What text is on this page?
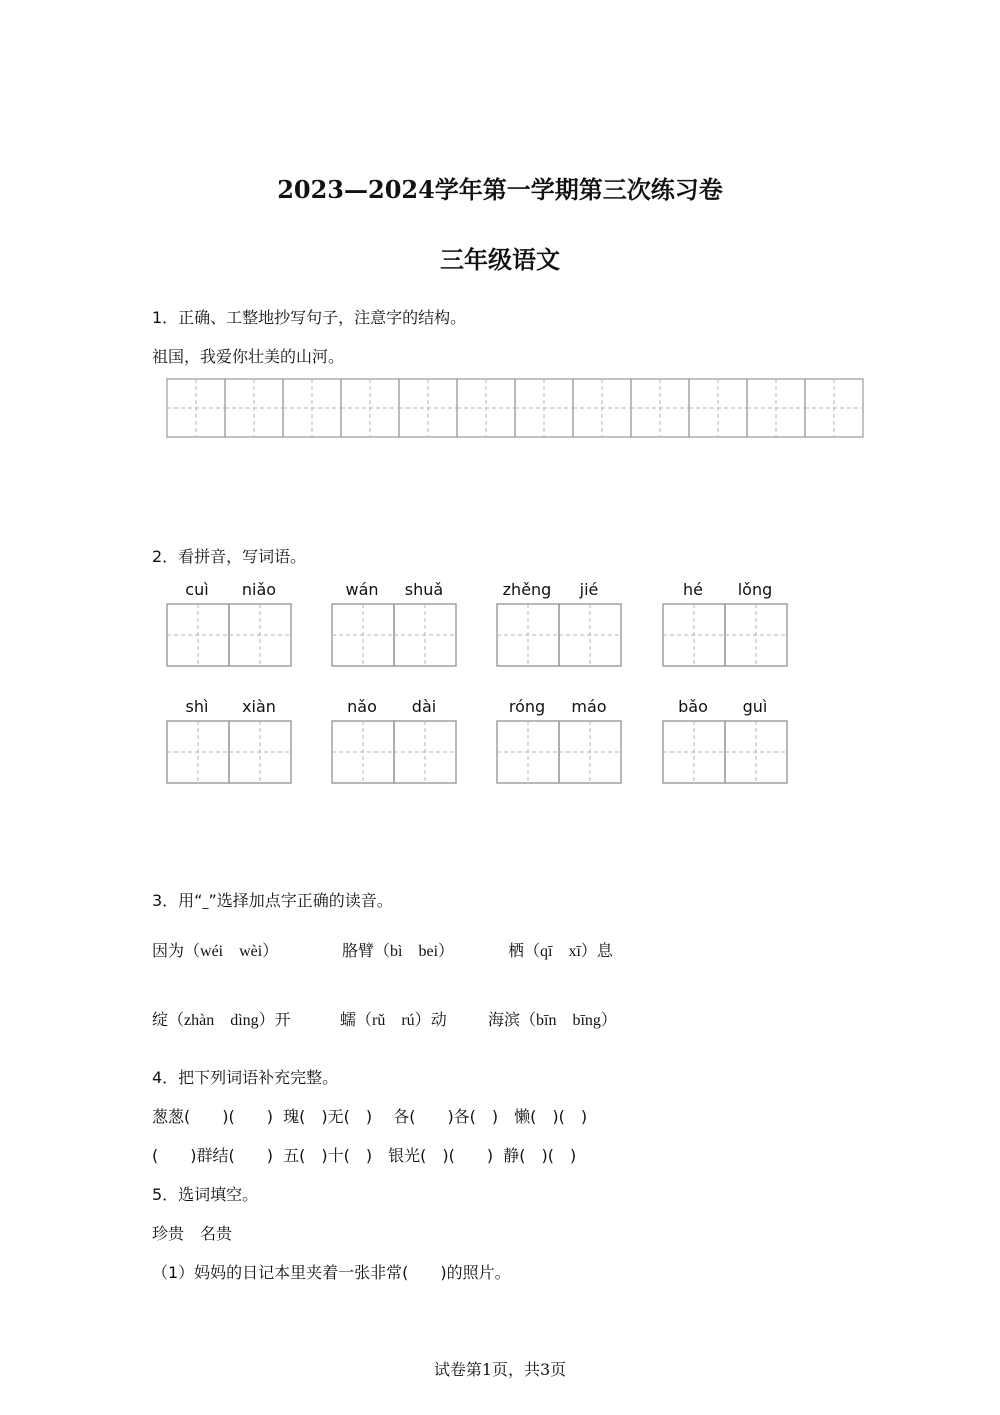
2023—2024学年第一学期第三次练习卷
三年级语文
1．正确、工整地抄写句子，注意字的结构。
祖国，我爱你壮美的山河。
2．看拼音，写词语。
cuì	niǎo	wán	shuǎ	zhěng	jié	hé	lǒng
shì	xiàn	nǎo	dài	róng	máo	bǎo	guì
3．用“_”选择加点字正确的读音。
因为（wéi　wèi）	胳臂（bì　bei）	栖（qī　xī）息
绽（zhàn　dìng）开	蠕（rǔ　rú）动	海滨（bīn　bīng）
4．把下列词语补充完整。
葱葱(　　)(　　)  瑰(　)无(　)　 各(　　)各(　)　懒(　)(　)
(　　)群结(　　)  五(　)十(　)　银光(　)(　　)  静(　)(　)
5．选词填空。
珍贵　名贵
（1）妈妈的日记本里夹着一张非常(　　)的照片。
试卷第1页，共3页
